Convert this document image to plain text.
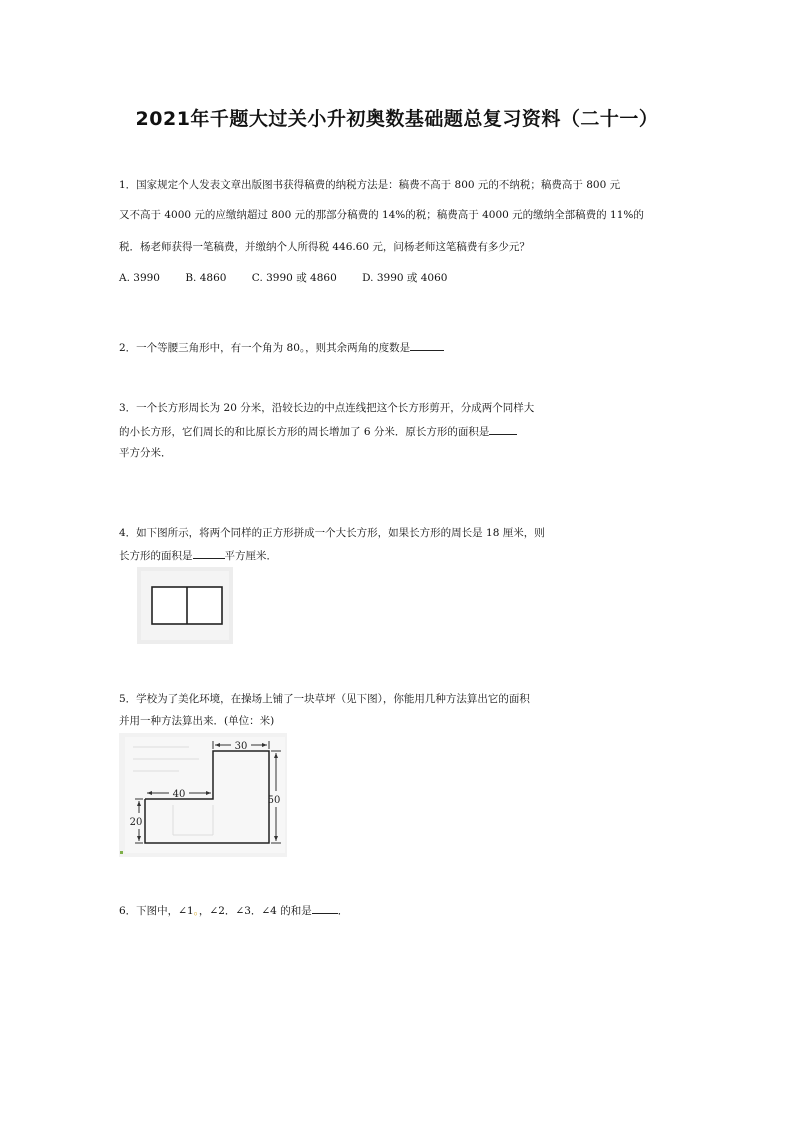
2021年千题大过关小升初奥数基础题总复习资料（二十一）
1．国家规定个人发表文章出版图书获得稿费的纳税方法是：稿费不高于 800 元的不纳税；稿费高于 800 元
又不高于 4000 元的应缴纳超过 800 元的那部分稿费的 14%的税；稿费高于 4000 元的缴纳全部稿费的 11%的
税．杨老师获得一笔稿费，并缴纳个人所得税 446.60 元，问杨老师这笔稿费有多少元？
A. 3990 B. 4860 C. 3990 或 4860 D. 3990 或 4060
2．一个等腰三角形中，有一个角为 80。，则其余两角的度数是
3．一个长方形周长为 20 分米，沿较长边的中点连线把这个长方形剪开，分成两个同样大
的小长方形，它们周长的和比原长方形的周长增加了 6 分米．原长方形的面积是
平方分米．
4．如下图所示，将两个同样的正方形拼成一个大长方形，如果长方形的周长是 18 厘米，则
长方形的面积是	平方厘米．
5．学校为了美化环境，在操场上铺了一块草坪（见下图），你能用几种方法算出它的面积
并用一种方法算出来．(单位：米)
30
40
50
20
6．下图中，∠1。，∠2．∠3．∠4 的和是 ．
